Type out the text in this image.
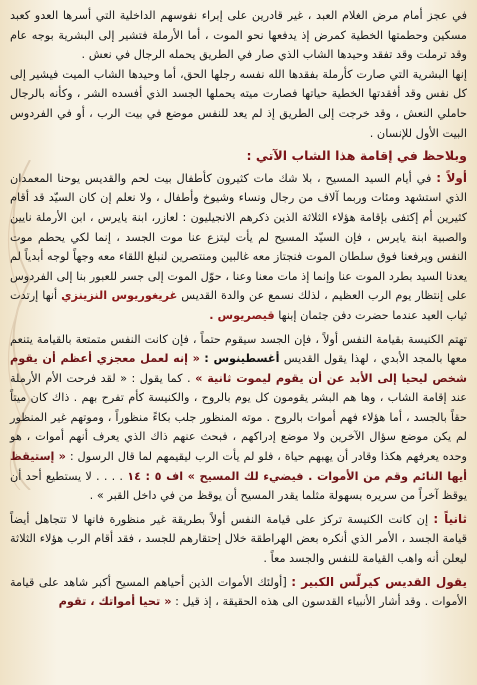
في عجز أمام مرض الغلام العبد ، غير قادرين على إبراء نفوسهم الداخلية التي أسرها العدو كعبد مسكين وحطمتها الخطية كمرض إذ يدفعها نحو الموت ، أما الأرملة فتشير إلى البشرية بوجه عام وقد ترملت وقد تفقد وحيدها الشاب الذي صار في الطريق يحمله الرجال في نعش .

إنها البشرية التي صارت كأرملة بفقدها الله نفسه رجلها الحق، أما وحيدها الشاب الميت فيشير إلى كل نفس وقد أفقدتها الخطية حياتها فصارت ميته يحملها الجسد الذي أفسده الشر ، وكأنه بالرجال حاملي النعش ، وقد خرجت إلى الطريق إذ لم يعد للنفس موضع في بيت الرب ، أو في الفردوس البيت الأول للإنسان .

وبلاحظ في إقامة هذا الشاب الآتي :

أولاً : في أيام السيد المسيح ، بلا شك مات كثيرون كأطفال بيت لحم والقديس يوحنا المعمدان الذي استشهد ومئات وربما آلاف من رجال ونساء وشيوخ وأطفال ، ولا نعلم إن كان السيّد قد أقام كثيرين أم إكتفى بإقامة هؤلاء الثلاثة الذين ذكرهم الانجيليون : لعازر، ابنة يايرس ، ابن الأرملة نايين والصبية ابنة يايرس ، فإن السيّد المسيح لم يأت ليتزع عنا موت الجسد ، إنما لكي يحطم موت النفس ويرفعنا فوق سلطان الموت فنجتاز معه غالبين ومنتصرين لنبلغ اللقاء معه وجهاً لوجه أبدياً لم يعدنا السيد بطرد الموت عنا وإنما إذ مات معنا وعنا ، حوّل الموت إلى جسر للعبور بنا إلى الفردوس على إنتظار يوم الرب العظيم ، لذلك نسمع عن والدة القديس غريغوريوس النزينزي أنها إرتدت ثياب العيد عندما حضرت دفن جثمان إبنها قيصريوس .

تهتم الكنيسة بقيامة النفس أولاً ، فإن الجسد سيقوم حتماً ، فإن كانت النفس متمتعة بالقيامة يتنعم معها بالمجد الأبدي ، لهذا يقول القديس أغسطينوس : « إنه لعمل معجزي أعظم أن يقوم شخص ليحيا إلى الأبد عن أن يقوم ليموت ثانية » . كما يقول : « لقد فرحت الأم الأرملة عند إقامة الشاب ، وها هم البشر يقومون كل يوم بالروح ، والكنيسة كأم تفرح بهم . ذاك كان ميتاً حقاً بالجسد ، أما هؤلاء فهم أموات بالروح . موته المنظور جلب بكاءً منظوراً ، وموتهم غير المنظور لم يكن موضع سؤال الآخرين ولا موضع إدراكهم ، فبحث عنهم ذاك الذي يعرف أنهم أموات ، هو وحده يعرفهم هكذا وقادر أن يهبهم حياة ، فلو لم يأت الرب ليقيمهم لما قال الرسول : « إستيقظ أيها النائم وقم من الأموات . فيضيء لك المسيح » اف ٥ : ١٤ . . . . لا يستطيع أحد أن يوقظ آخراً من سريره بسهولة مثلما يقدر المسيح أن يوقظ من في داخل القبر » .

ثانياً : إن كانت الكنيسة تركز على قيامة النفس أولاً بطريقة غير منظورة فانها لا تتجاهل أيضاً قيامة الجسد ، الأمر الذي أنكره بعض الهراطقة خلال إحتقارهم للجسد ، فقد أقام الرب هؤلاء الثلاثة ليعلن أنه واهب القيامة للنفس والجسد معاً .

يقول القديس كيرلّس الكبير : [أولئك الأموات الذين أحياهم المسيح أكبر شاهد على قيامة الأموات . وقد أشار الأنبياء القدسون الى هذه الحقيقة ، إذ قيل : « تحيا أمواتك ، تقوم
